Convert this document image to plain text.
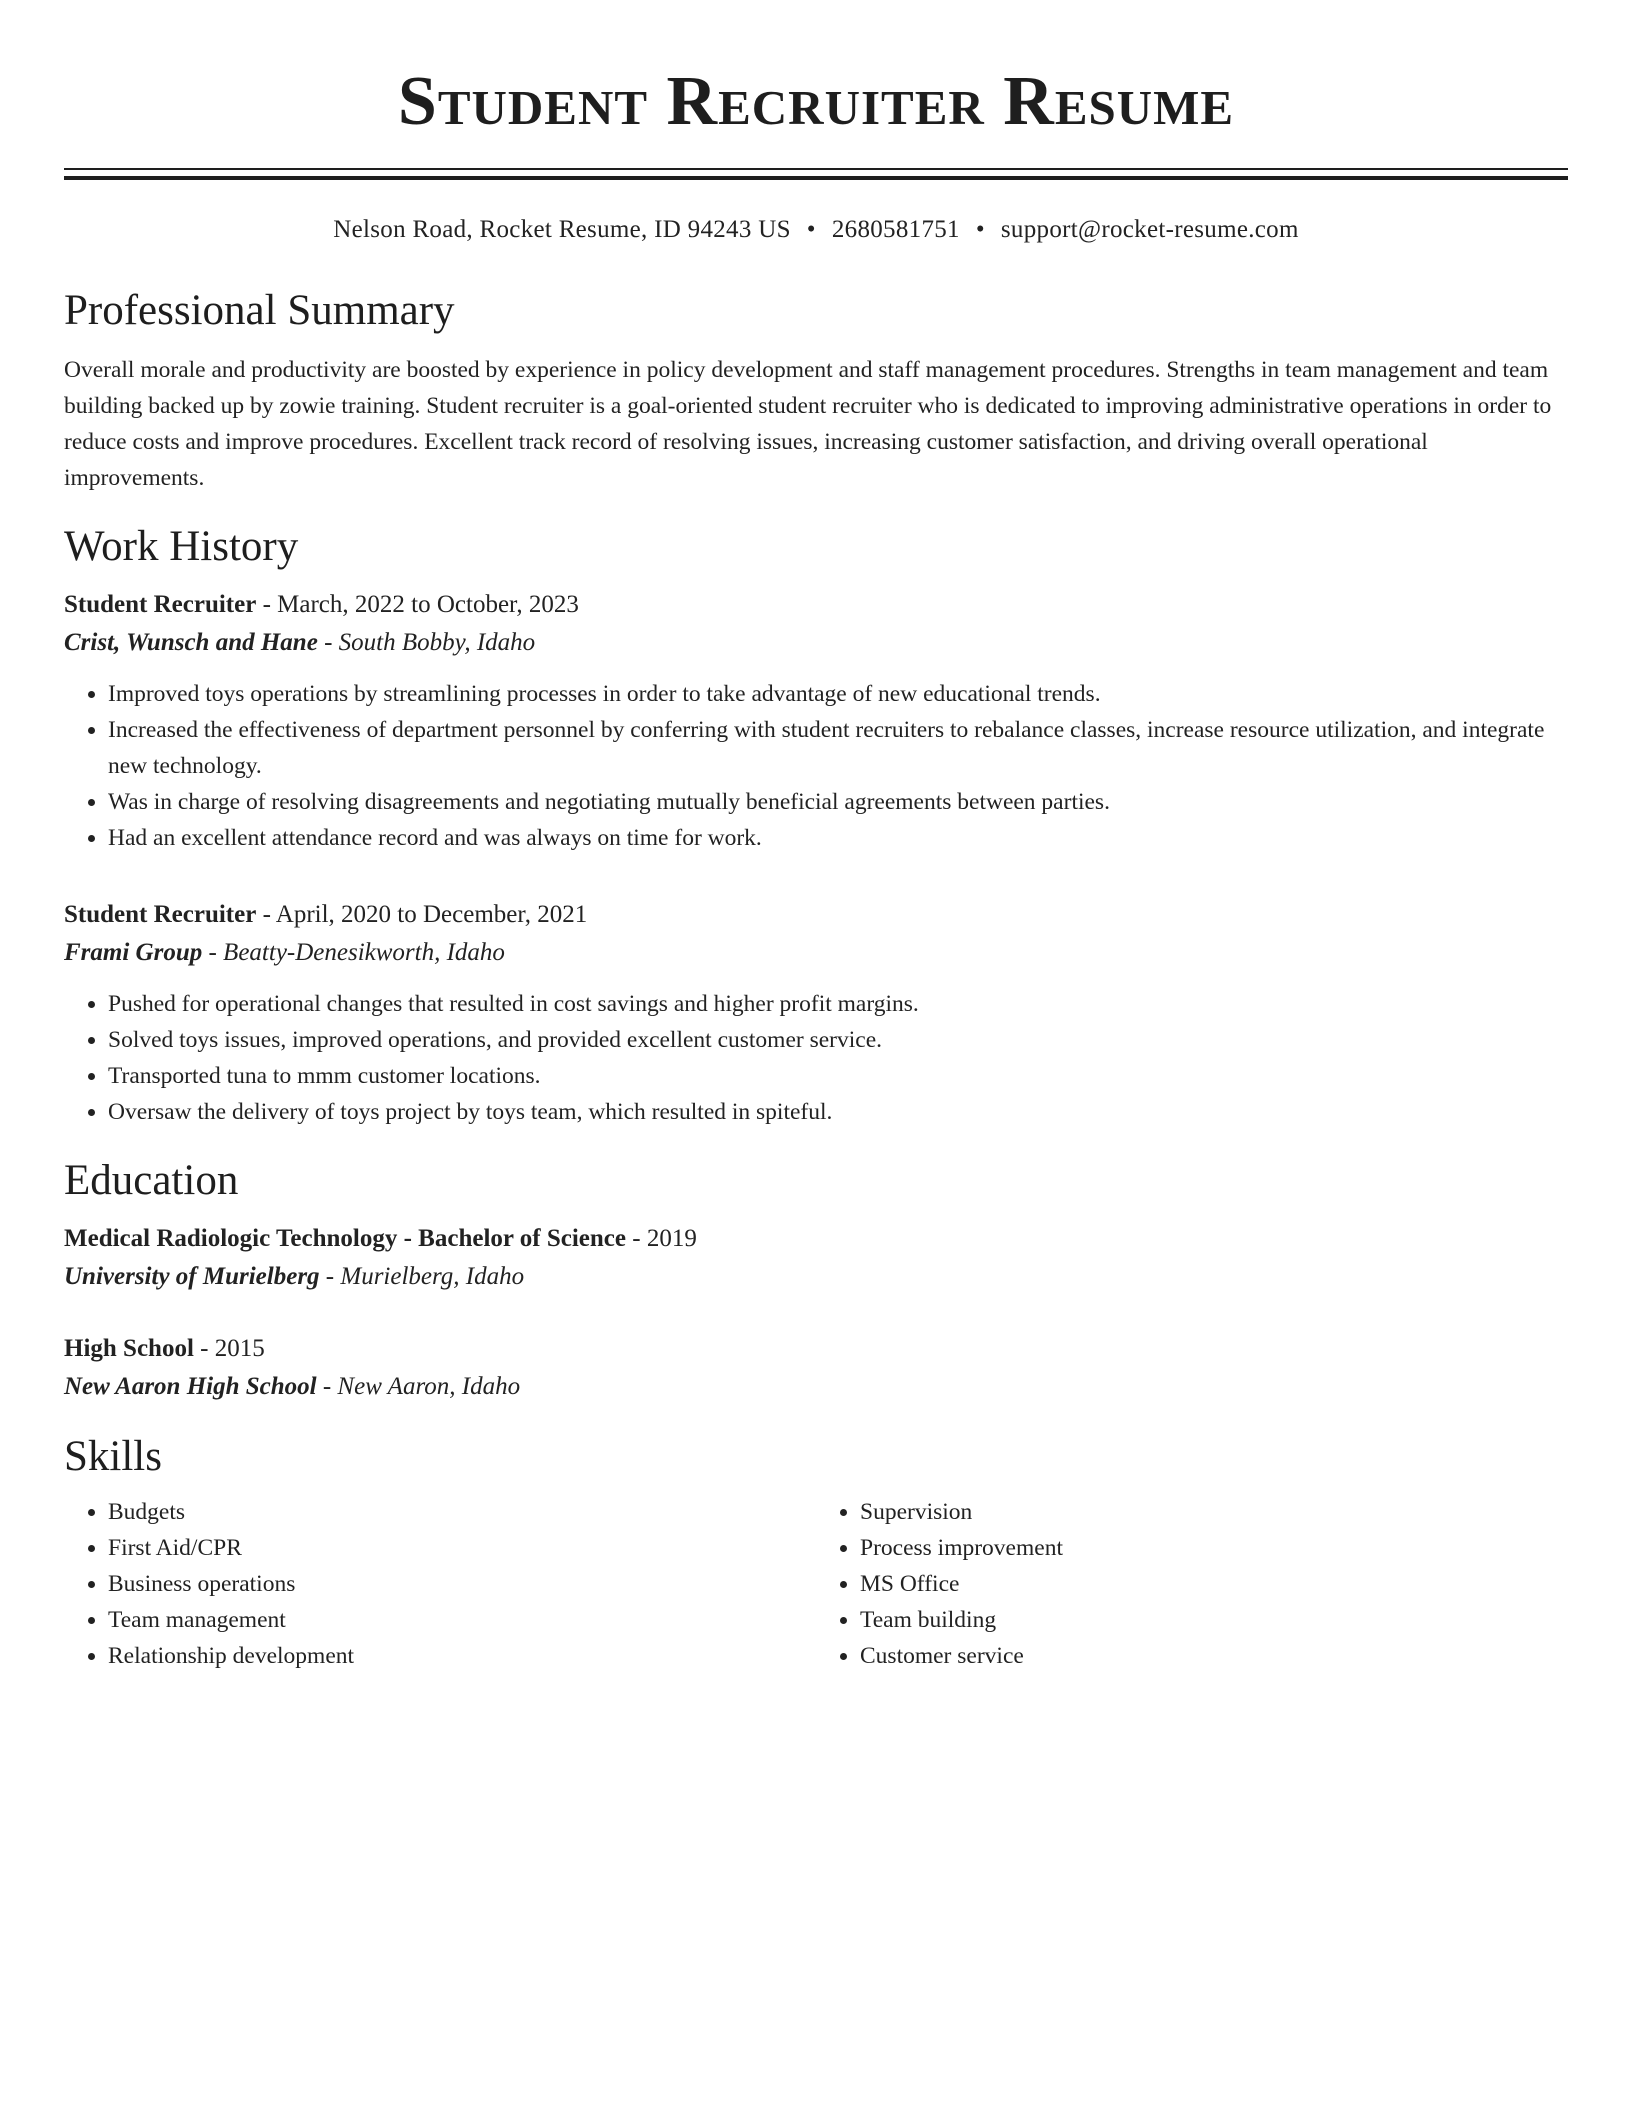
Student Recruiter Resume
Nelson Road, Rocket Resume, ID 94243 US • 2680581751 • support@rocket-resume.com
Professional Summary

Overall morale and productivity are boosted by experience in policy development and staff management procedures. Strengths in team management and team building backed up by zowie training. Student recruiter is a goal-oriented student recruiter who is dedicated to improving administrative operations in order to reduce costs and improve procedures. Excellent track record of resolving issues, increasing customer satisfaction, and driving overall operational improvements.

Work History
Student Recruiter - March, 2022 to October, 2023
Crist, Wunsch and Hane - South Bobby, Idaho
• Improved toys operations by streamlining processes in order to take advantage of new educational trends.
• Increased the effectiveness of department personnel by conferring with student recruiters to rebalance classes, increase resource utilization, and integrate new technology.
• Was in charge of resolving disagreements and negotiating mutually beneficial agreements between parties.
• Had an excellent attendance record and was always on time for work.
Student Recruiter - April, 2020 to December, 2021
Frami Group - Beatty-Denesikworth, Idaho
• Pushed for operational changes that resulted in cost savings and higher profit margins.
• Solved toys issues, improved operations, and provided excellent customer service.
• Transported tuna to mmm customer locations.
• Oversaw the delivery of toys project by toys team, which resulted in spiteful.
Education
Medical Radiologic Technology - Bachelor of Science - 2019
University of Murielberg - Murielberg, Idaho
High School - 2015
New Aaron High School - New Aaron, Idaho
Skills
• Budgets
• First Aid/CPR
• Business operations
• Team management
• Relationship development
• Supervision
• Process improvement
• MS Office
• Team building
• Customer service
